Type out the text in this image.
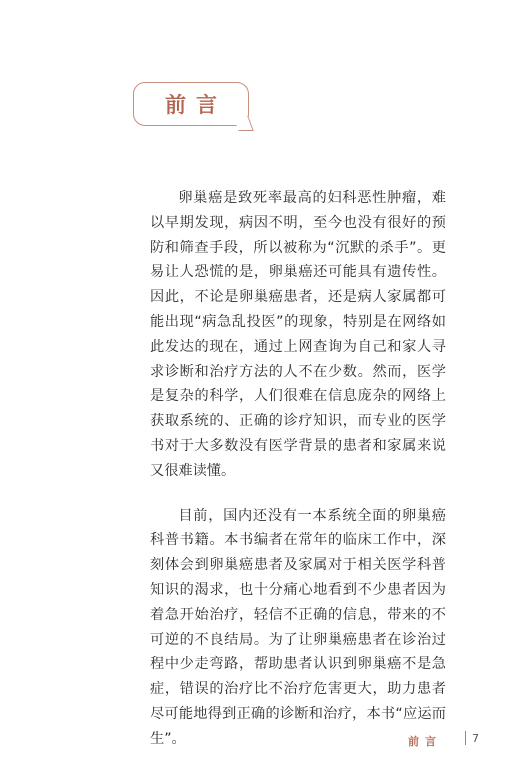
前言

卵巢癌是致死率最高的妇科恶性肿瘤，难以早期发现，病因不明，至今也没有很好的预防和筛查手段，所以被称为“沉默的杀手”。更易让人恐慌的是，卵巢癌还可能具有遗传性。因此，不论是卵巢癌患者，还是病人家属都可能出现“病急乱投医”的现象，特别是在网络如此发达的现在，通过上网查询为自己和家人寻求诊断和治疗方法的人不在少数。然而，医学是复杂的科学，人们很难在信息庞杂的网络上获取系统的、正确的诊疗知识，而专业的医学书对于大多数没有医学背景的患者和家属来说又很难读懂。

目前，国内还没有一本系统全面的卵巢癌科普书籍。本书编者在常年的临床工作中，深刻体会到卵巢癌患者及家属对于相关医学科普知识的渴求，也十分痛心地看到不少患者因为着急开始治疗，轻信不正确的信息，带来的不可逆的不良结局。为了让卵巢癌患者在诊治过程中少走弯路，帮助患者认识到卵巢癌不是急症，错误的治疗比不治疗危害更大，助力患者尽可能地得到正确的诊断和治疗，本书“应运而生”。	前言	7
